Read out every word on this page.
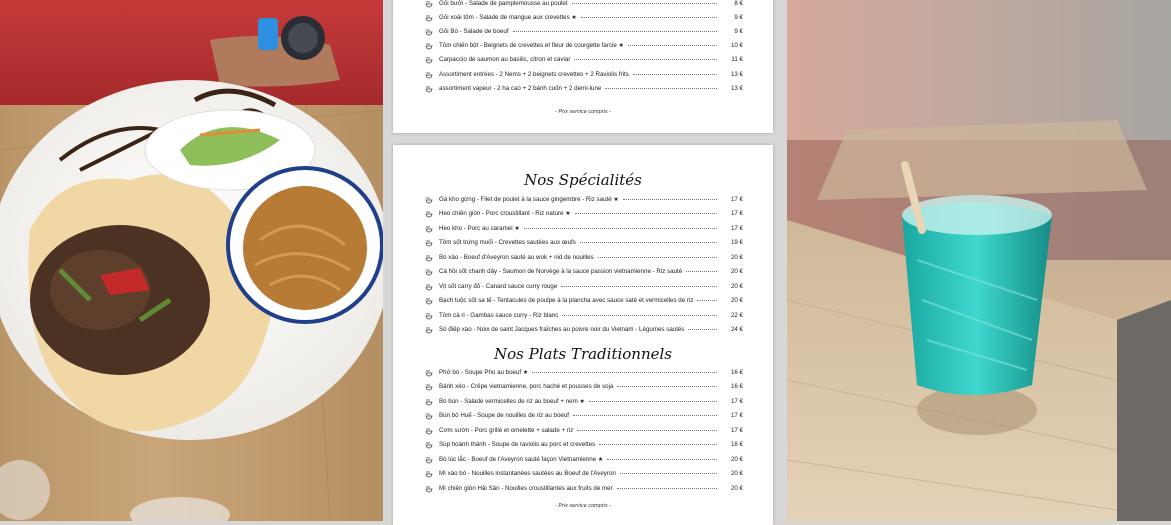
Gỏi bưởi - Salade de pamplemousse au poulet	8 €
Gỏi xoài tôm - Salade de mangue aux crevettes ★	9 €
Gỏi Bò - Salade de boeuf	9 €
Tôm chiên bột - Beignets de crevettes et fleur de courgette farcie ★	10 €
Carpaccio de saumon au basilic, citron et caviar	11 €
Assortiment entrées - 2 Nems + 2 beignets crevettes + 2 Raviolis frits	13 €
assortiment vapeur - 2 ha cao + 2 bánh cuốn + 2 demi-lune	13 €
- Prix service compris -
Nos Spécialités
Gà kho gừng - Filet de poulet à la sauce gingembre - Riz sauté ★	17 €
Heo chiên giòn - Porc croustillant - Riz nature ★	17 €
Heo kho - Porc au caramel ★	17 €
Tôm sốt trứng muối - Crevettes sautées aux œufs	19 €
Bò xào - Boeuf d'Aveyron sauté au wok + nid de nouilles	20 €
Cá hồi sốt chanh dây - Saumon de Norvège à la sauce passion vietnamienne - Riz sauté	20 €
Vịt sốt carry đỏ - Canard sauce curry rouge	20 €
Bạch tuộc sốt sa tế - Tentacules de poulpe à la plancha avec sauce saté et vermicelles de riz	20 €
Tôm cà ri - Gambas sauce curry - Riz blanc	22 €
Sò điệp xào - Noix de saint Jacques fraîches au poivre noir du Vietnam - Légumes sautés	24 €
Nos Plats Traditionnels
Phở bò - Soupe Pho au boeuf ★	16 €
Bánh xèo - Crêpe vietnamienne, porc haché et pousses de soja	16 €
Bò bún - Salade vermicelles de riz au boeuf + nem ★	17 €
Bún bò Huế - Soupe de nouilles de riz au boeuf	17 €
Cơm sườn - Porc grillé et omelette + salade + riz	17 €
Súp hoành thánh - Soupe de raviolis au porc et crevettes	18 €
Bò lúc lắc - Boeuf de l'Aveyron sauté façon Vietnamienne ★	20 €
Mì xào bò - Nouilles instantanées sautées au Boeuf de l'Aveyron	20 €
Mì chiên giòn Hải Sản - Nouilles croustillantes aux fruits de mer	20 €
- Prix service compris -
